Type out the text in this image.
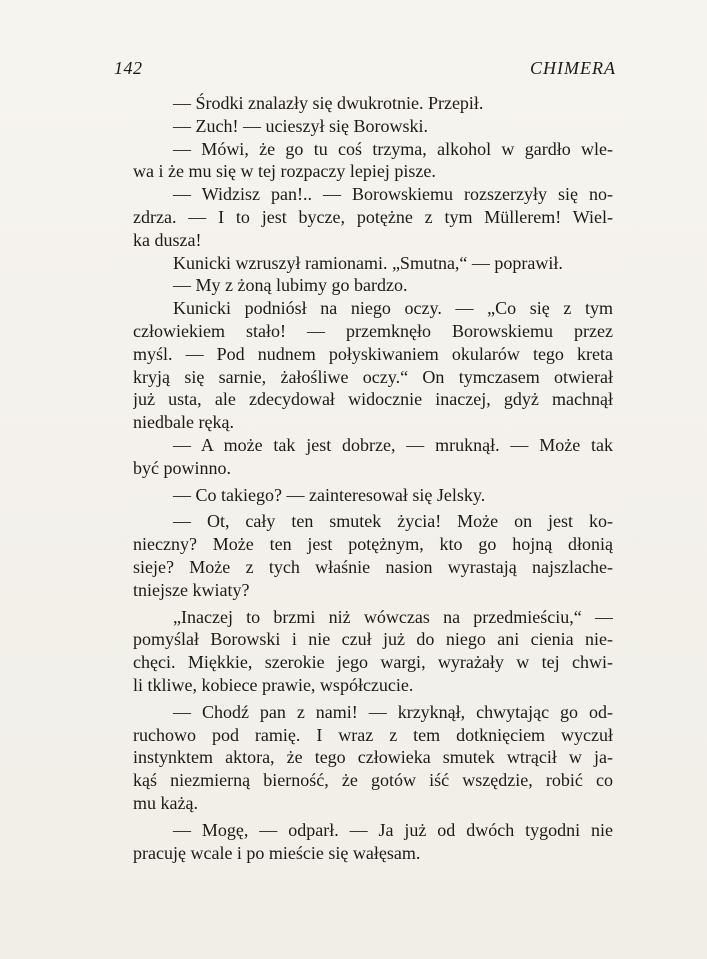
142	CHIMERA
— Środki znalazły się dwukrotnie. Przepił.
— Zuch! — ucieszył się Borowski.
— Mówi, że go tu coś trzyma, alkohol w gardło wle-
wa i że mu się w tej rozpaczy lepiej pisze.
— Widzisz pan!.. — Borowskiemu rozszerzyły się no-
zdrza. — I to jest bycze, potężne z tym Müllerem! Wiel-
ka dusza!
Kunicki wzruszył ramionami. „Smutna,“ — poprawił.
— My z żoną lubimy go bardzo.
Kunicki podniósł na niego oczy. — „Co się z tym
człowiekiem stało! — przemknęło Borowskiemu przez
myśl. — Pod nudnem połyskiwaniem okularów tego kreta
kryją się sarnie, żałośliwe oczy.“ On tymczasem otwierał
już usta, ale zdecydował widocznie inaczej, gdyż machnął
niedbale ręką.
— A może tak jest dobrze, — mruknął. — Może tak
być powinno.
— Co takiego? — zainteresował się Jelsky.
— Ot, cały ten smutek życia! Może on jest ko-
nieczny? Może ten jest potężnym, kto go hojną dłonią
sieje? Może z tych właśnie nasion wyrastają najszlache-
tniejsze kwiaty?
„Inaczej to brzmi niż wówczas na przedmieściu,“ —
pomyślał Borowski i nie czuł już do niego ani cienia nie-
chęci. Miękkie, szerokie jego wargi, wyrażały w tej chwi-
li tkliwe, kobiece prawie, współczucie.
— Chodź pan z nami! — krzyknął, chwytając go od-
ruchowo pod ramię. I wraz z tem dotknięciem wyczuł
instynktem aktora, że tego człowieka smutek wtrącił w ja-
kąś niezmierną bierność, że gotów iść wszędzie, robić co
mu każą.
— Mogę, — odparł. — Ja już od dwóch tygodni nie
pracuję wcale i po mieście się wałęsam.
